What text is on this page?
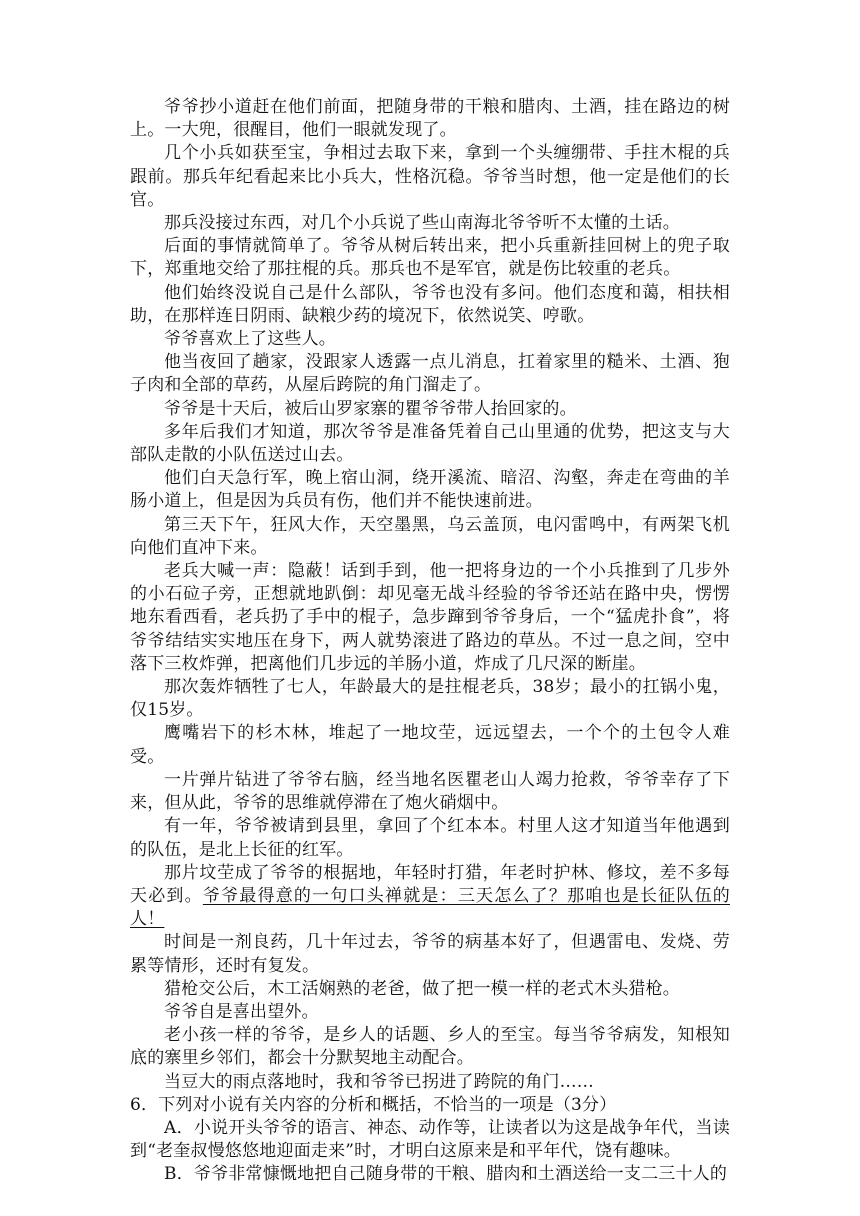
爷爷抄小道赶在他们前面，把随身带的干粮和腊肉、土酒，挂在路边的树上。一大兜，很醒目，他们一眼就发现了。

几个小兵如获至宝，争相过去取下来，拿到一个头缠绷带、手拄木棍的兵跟前。那兵年纪看起来比小兵大，性格沉稳。爷爷当时想，他一定是他们的长官。

那兵没接过东西，对几个小兵说了些山南海北爷爷听不太懂的土话。

后面的事情就简单了。爷爷从树后转出来，把小兵重新挂回树上的兜子取下，郑重地交给了那拄棍的兵。那兵也不是军官，就是伤比较重的老兵。

他们始终没说自己是什么部队，爷爷也没有多问。他们态度和蔼，相扶相助，在那样连日阴雨、缺粮少药的境况下，依然说笑、哼歌。

爷爷喜欢上了这些人。

他当夜回了趟家，没跟家人透露一点儿消息，扛着家里的糙米、土酒、狍子肉和全部的草药，从屋后跨院的角门溜走了。

爷爷是十天后，被后山罗家寨的瞿爷爷带人抬回家的。

多年后我们才知道，那次爷爷是准备凭着自己山里通的优势，把这支与大部队走散的小队伍送过山去。

他们白天急行军，晚上宿山洞，绕开溪流、暗沼、沟壑，奔走在弯曲的羊肠小道上，但是因为兵员有伤，他们并不能快速前进。

第三天下午，狂风大作，天空墨黑，乌云盖顶，电闪雷鸣中，有两架飞机向他们直冲下来。

老兵大喊一声：隐蔽！话到手到，他一把将身边的一个小兵推到了几步外的小石砬子旁，正想就地趴倒：却见毫无战斗经验的爷爷还站在路中央，愣愣地东看西看，老兵扔了手中的棍子，急步蹿到爷爷身后，一个“猛虎扑食”，将爷爷结结实实地压在身下，两人就势滚进了路边的草丛。不过一息之间，空中落下三枚炸弹，把离他们几步远的羊肠小道，炸成了几尺深的断崖。

那次轰炸牺牲了七人，年龄最大的是拄棍老兵，38岁；最小的扛锅小鬼，仅15岁。

鹰嘴岩下的杉木林，堆起了一地坟茔，远远望去，一个个的土包令人难受。

一片弹片钻进了爷爷右脑，经当地名医瞿老山人竭力抢救，爷爷幸存了下来，但从此，爷爷的思维就停滞在了炮火硝烟中。

有一年，爷爷被请到县里，拿回了个红本本。村里人这才知道当年他遇到的队伍，是北上长征的红军。

那片坟茔成了爷爷的根据地，年轻时打猎，年老时护林、修坟，差不多每天必到。爷爷最得意的一句口头禅就是：三天怎么了？那咱也是长征队伍的人！

时间是一剂良药，几十年过去，爷爷的病基本好了，但遇雷电、发烧、劳累等情形，还时有复发。

猎枪交公后，木工活娴熟的老爸，做了把一模一样的老式木头猎枪。

爷爷自是喜出望外。

老小孩一样的爷爷，是乡人的话题、乡人的至宝。每当爷爷病发，知根知底的寨里乡邻们，都会十分默契地主动配合。

当豆大的雨点落地时，我和爷爷已拐进了跨院的角门……

6．下列对小说有关内容的分析和概括，不恰当的一项是（3分）

A．小说开头爷爷的语言、神态、动作等，让读者以为这是战争年代，当读到“老奎叔慢悠悠地迎面走来”时，才明白这原来是和平年代，饶有趣味。

B．爷爷非常慷慨地把自己随身带的干粮、腊肉和土酒送给一支二三十人的
